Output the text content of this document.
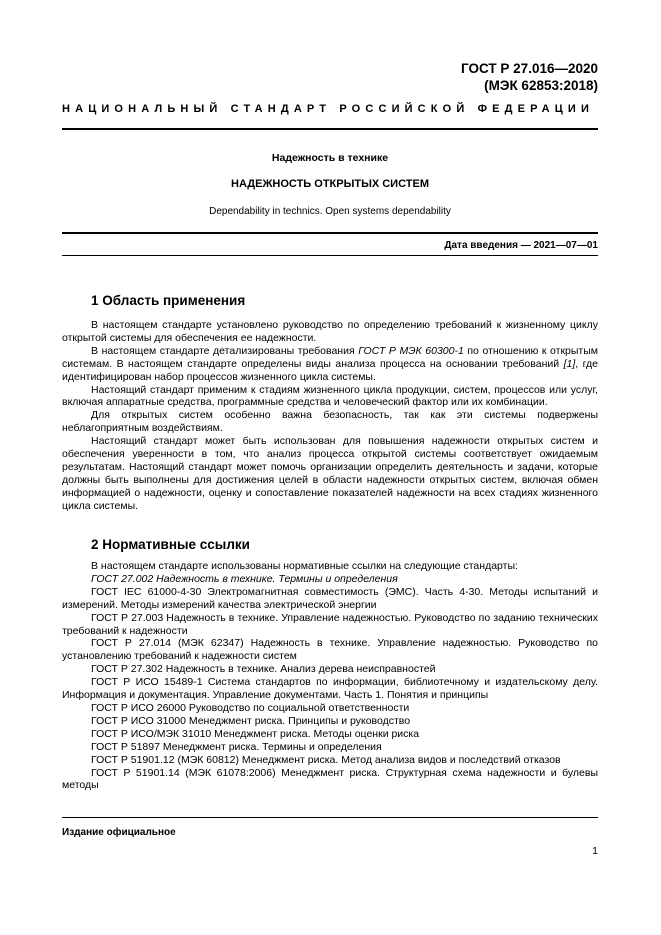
ГОСТ Р 27.016—2020
(МЭК 62853:2018)
НАЦИОНАЛЬНЫЙ СТАНДАРТ РОССИЙСКОЙ ФЕДЕРАЦИИ
Надежность в технике
НАДЕЖНОСТЬ ОТКРЫТЫХ СИСТЕМ
Dependability in technics. Open systems dependability
Дата введения — 2021—07—01
1 Область применения

В настоящем стандарте установлено руководство по определению требований к жизненному циклу открытой системы для обеспечения ее надежности.

В настоящем стандарте детализированы требования ГОСТ Р МЭК 60300-1 по отношению к открытым системам. В настоящем стандарте определены виды анализа процесса на основании требований [1], где идентифицирован набор процессов жизненного цикла системы.

Настоящий стандарт применим к стадиям жизненного цикла продукции, систем, процессов или услуг, включая аппаратные средства, программные средства и человеческий фактор или их комбинации.

Для открытых систем особенно важна безопасность, так как эти системы подвержены неблагоприятным воздействиям.

Настоящий стандарт может быть использован для повышения надежности открытых систем и обеспечения уверенности в том, что анализ процесса открытой системы соответствует ожидаемым результатам. Настоящий стандарт может помочь организации определить деятельность и задачи, которые должны быть выполнены для достижения целей в области надежности открытых систем, включая обмен информацией о надежности, оценку и сопоставление показателей надежности на всех стадиях жизненного цикла системы.

2 Нормативные ссылки

В настоящем стандарте использованы нормативные ссылки на следующие стандарты:

ГОСТ 27.002 Надежность в технике. Термины и определения

ГОСТ IEC 61000-4-30 Электромагнитная совместимость (ЭМС). Часть 4-30. Методы испытаний и измерений. Методы измерений качества электрической энергии

ГОСТ Р 27.003 Надежность в технике. Управление надежностью. Руководство по заданию технических требований к надежности

ГОСТ Р 27.014 (МЭК 62347) Надежность в технике. Управление надежностью. Руководство по установлению требований к надежности систем

ГОСТ Р 27.302 Надежность в технике. Анализ дерева неисправностей

ГОСТ Р ИСО 15489-1 Система стандартов по информации, библиотечному и издательскому делу. Информация и документация. Управление документами. Часть 1. Понятия и принципы

ГОСТ Р ИСО 26000 Руководство по социальной ответственности

ГОСТ Р ИСО 31000 Менеджмент риска. Принципы и руководство

ГОСТ Р ИСО/МЭК 31010 Менеджмент риска. Методы оценки риска

ГОСТ Р 51897 Менеджмент риска. Термины и определения

ГОСТ Р 51901.12 (МЭК 60812) Менеджмент риска. Метод анализа видов и последствий отказов

ГОСТ Р 51901.14 (МЭК 61078:2006) Менеджмент риска. Структурная схема надежности и булевы методы

Издание официальное
1
